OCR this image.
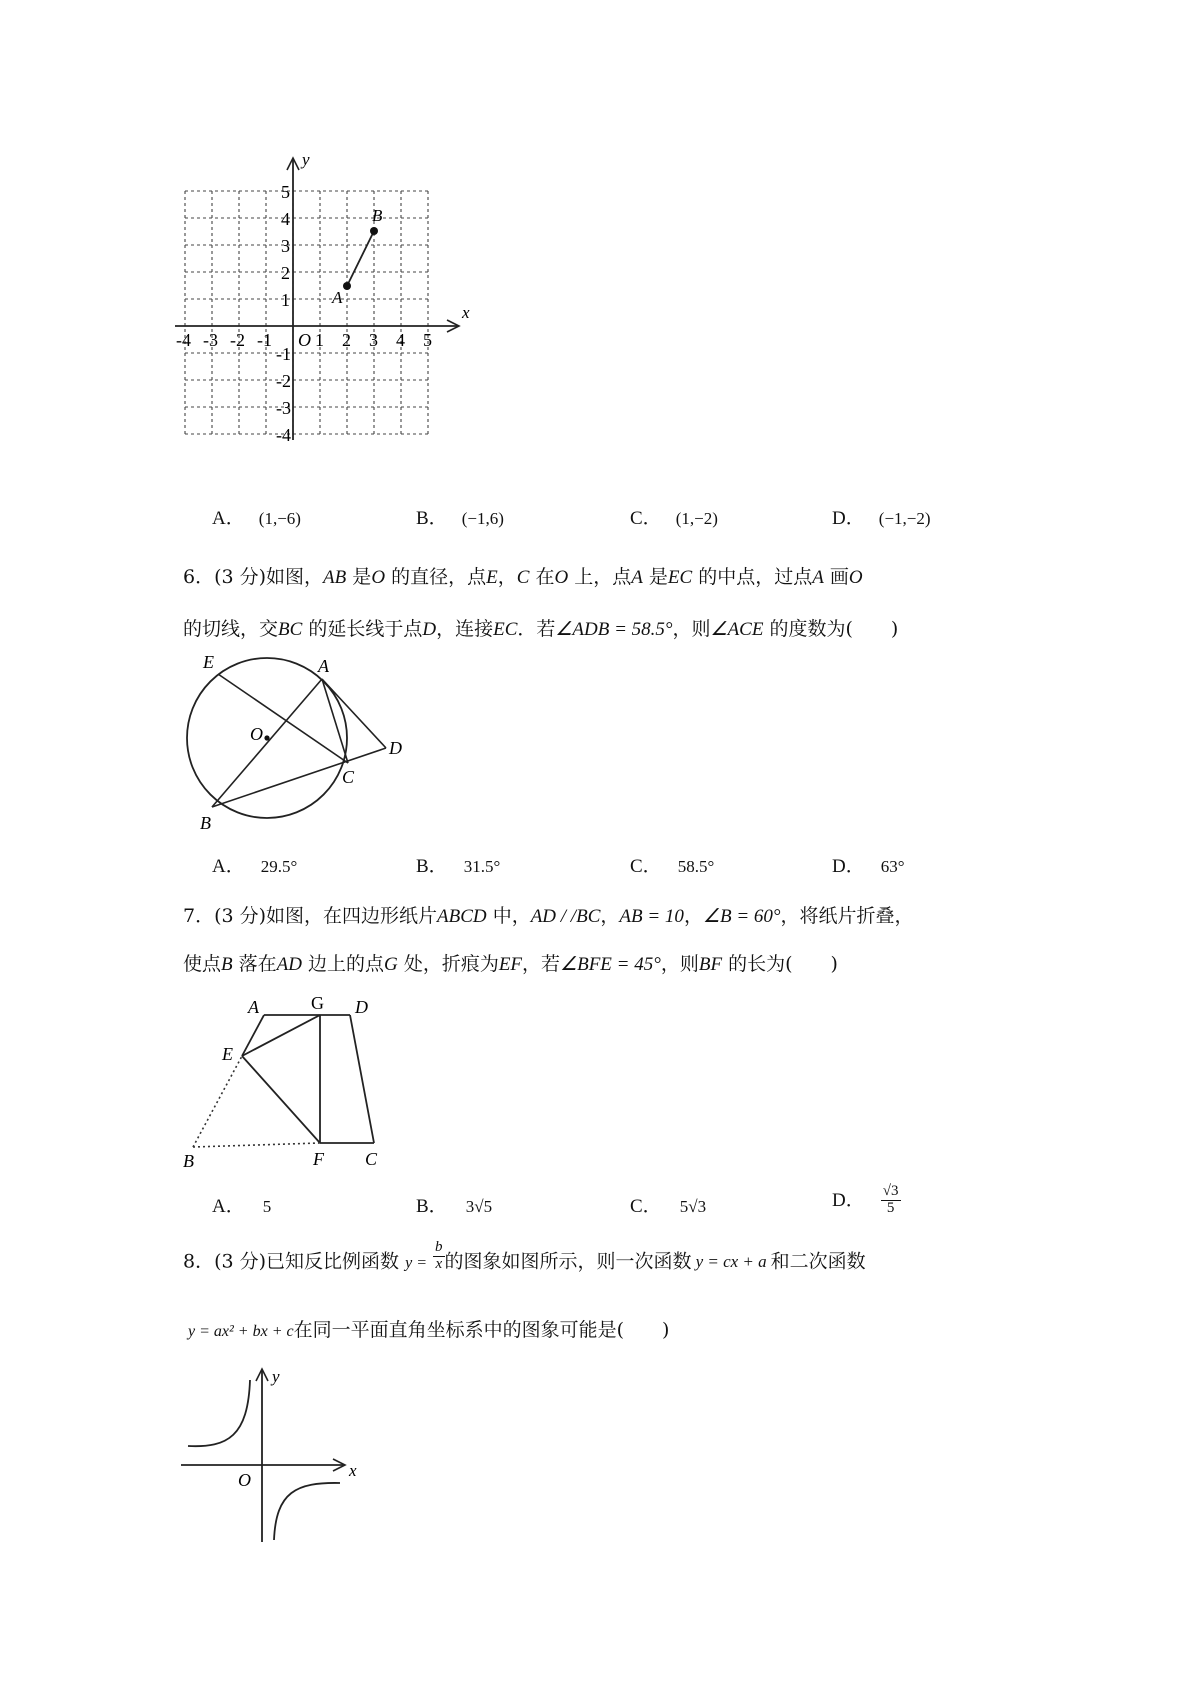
x
y
O
-4 -3 -2 -1 1 2 3 4 5
5
4
3
2
1
-1
-2
-3
-4
A
B
A． (1,−6)	B． (−1,6)	C． (1,−2)	D． (−1,−2)
6．(3 分)如图，AB 是O 的直径，点E，C 在O 上，点A 是EC 的中点，过点A 画O
的切线，交BC 的延长线于点D，连接EC．若∠ADB = 58.5°，则∠ACE 的度数为(　　)
E	A
O
C
D
B
A． 29.5°	B． 31.5°	C． 58.5°	D． 63°
7．(3 分)如图，在四边形纸片ABCD 中，AD / /BC，AB = 10，∠B = 60°，将纸片折叠，
使点B 落在AD 边上的点G 处，折痕为EF，若∠BFE = 45°，则BF 的长为(　　)
A	G D
E
B	F C
A． 5	B． 3√5	C． 5√3	D． $\frac{√3}{5}$
8．(3 分)已知反比例函数 $y = \frac{b}{x}$ 的图象如图所示，则一次函数 y = cx + a 和二次函数
y = ax² + bx + c在同一平面直角坐标系中的图象可能是(　　)
x
y
O
